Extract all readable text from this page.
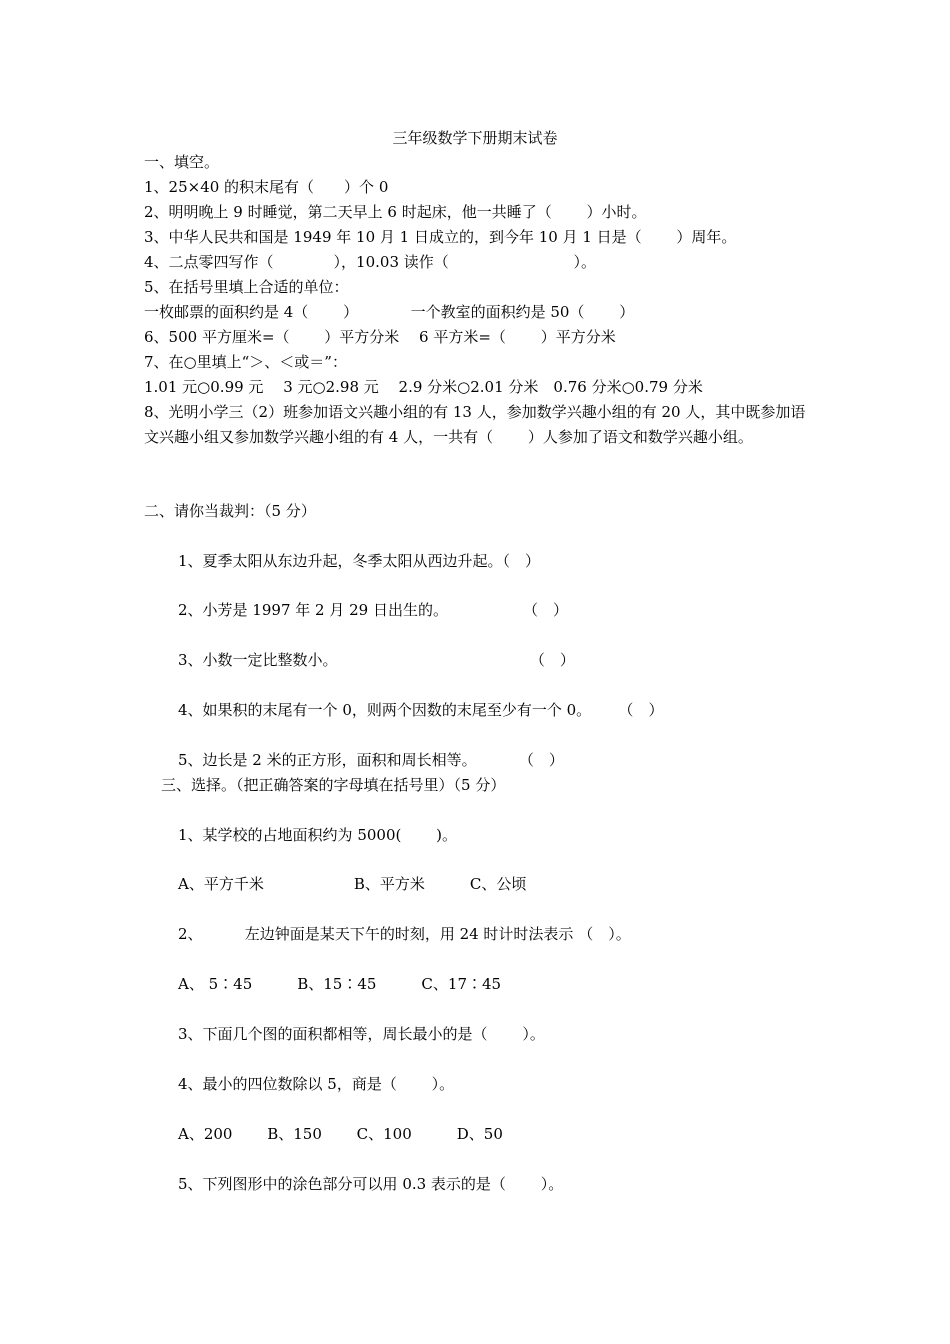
三年级数学下册期末试卷
一、填空。
1、25×40 的积末尾有（　　）个 0
2、明明晚上 9 时睡觉，第二天早上 6 时起床，他一共睡了（　　 ）小时。
3、中华人民共和国是 1949 年 10 月 1 日成立的，到今年 10 月 1 日是（　　 ）周年。
4、二点零四写作（　　　　），10.03 读作（　　　　　　　　 ）。
5、在括号里填上合适的单位：
一枚邮票的面积约是 4（　　 ）　　　　一个教室的面积约是 50（　　 ）
6、500 平方厘米=（　　 ）平方分米　 6 平方米=（　　 ）平方分米
7、在○里填上“＞、＜或＝”：
1.01 元○0.99 元　 3 元○2.98 元　 2.9 分米○2.01 分米　0.76 分米○0.79 分米
8、光明小学三（2）班参加语文兴趣小组的有 13 人，参加数学兴趣小组的有 20 人，其中既参加语文兴趣小组又参加数学兴趣小组的有 4 人，一共有（　　 ）人参加了语文和数学兴趣小组。
二、请你当裁判：（5 分）
1、夏季太阳从东边升起，冬季太阳从西边升起。（　）
2、小芳是 1997 年 2 月 29 日出生的。　　　　　　（　）
3、小数一定比整数小。　　　　　　　　　　　　　 （　）
4、如果积的末尾有一个 0，则两个因数的末尾至少有一个 0。　　 （　）
5、边长是 2 米的正方形，面积和周长相等。　　　 （　）
三、选择。（把正确答案的字母填在括号里）（5 分）
1、某学校的占地面积约为 5000(　　 )。
A、平方千米　　　　　　B、平方米　　　C、公顷
2、　　　 左边钟面是某天下午的时刻，用 24 时计时法表示 （　）。
A、 5∶45　　　B、15∶45　　　C、17∶45
3、下面几个图的面积都相等，周长最小的是（　　 ）。
4、最小的四位数除以 5，商是（　　 ）。
A、200　　 B、150　　 C、100　　　D、50
5、下列图形中的涂色部分可以用 0.3 表示的是（　　 ）。
